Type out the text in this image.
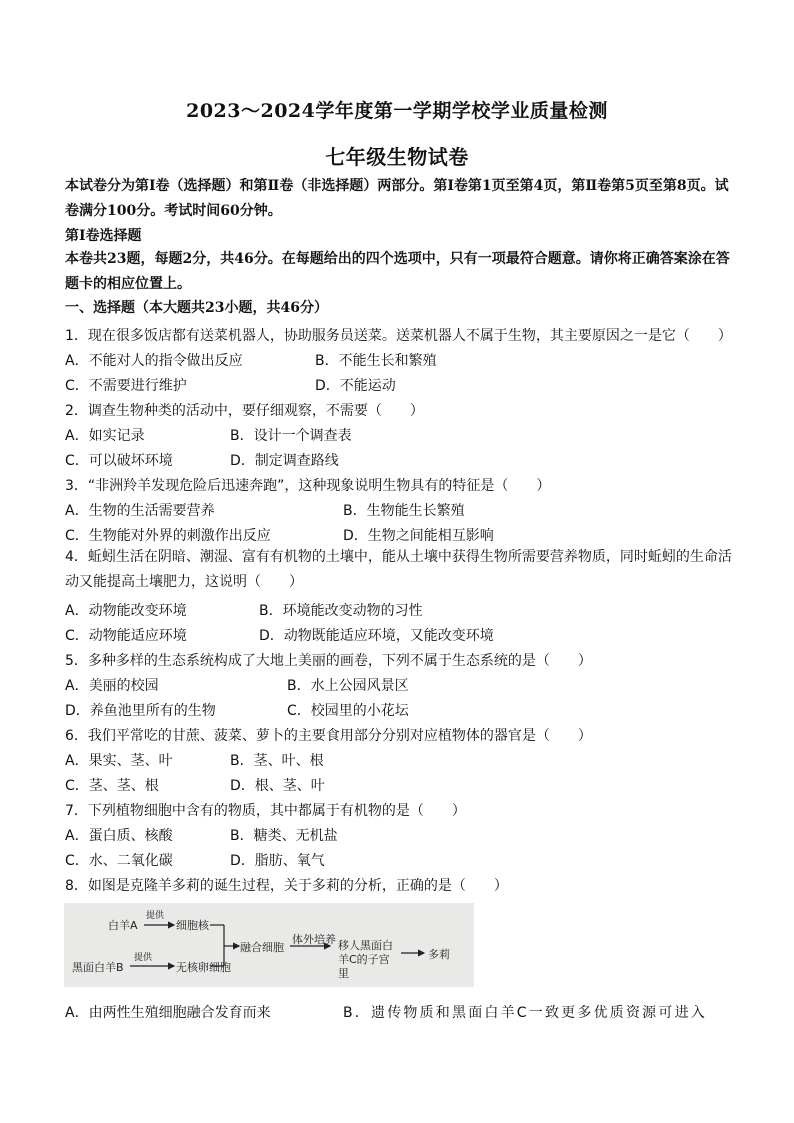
2023～2024学年度第一学期学校学业质量检测
七年级生物试卷
本试卷分为第Ⅰ卷（选择题）和第Ⅱ卷（非选择题）两部分。第Ⅰ卷第1页至第4页，第Ⅱ卷第5页至第8页。试卷满分100分。考试时间60分钟。
第Ⅰ卷选择题
本卷共23题，每题2分，共46分。在每题给出的四个选项中，只有一项最符合题意。请你将正确答案涂在答题卡的相应位置上。
一、选择题（本大题共23小题，共46分）
1．现在很多饭店都有送菜机器人，协助服务员送菜。送菜机器人不属于生物，其主要原因之一是它（　　）
A．不能对人的指令做出反应	B．不能生长和繁殖
C．不需要进行维护	D．不能运动
2．调查生物种类的活动中，要仔细观察，不需要（　　）
A．如实记录	B．设计一个调查表
C．可以破坏环境	D．制定调查路线
3．“非洲羚羊发现危险后迅速奔跑”，这种现象说明生物具有的特征是（　　）
A．生物的生活需要营养	B．生物能生长繁殖
C．生物能对外界的刺激作出反应	D．生物之间能相互影响
4．蚯蚓生活在阴暗、潮湿、富有有机物的土壤中，能从土壤中获得生物所需要营养物质，同时蚯蚓的生命活动又能提高土壤肥力，这说明（　　）
A．动物能改变环境	B．环境能改变动物的习性
C．动物能适应环境	D．动物既能适应环境，又能改变环境
5．多种多样的生态系统构成了大地上美丽的画卷，下列不属于生态系统的是（　　）
A．美丽的校园	B．水上公园风景区
D．养鱼池里所有的生物	C．校园里的小花坛
6．我们平常吃的甘蔗、菠菜、萝卜的主要食用部分分别对应植物体的器官是（　　）
A．果实、茎、叶	B．茎、叶、根
C．茎、茎、根	D．根、茎、叶
7．下列植物细胞中含有的物质，其中都属于有机物的是（　　）
A．蛋白质、核酸	B．糖类、无机盐
C．水、二氧化碳	D．脂肪、氧气
8．如图是克隆羊多莉的诞生过程，关于多莉的分析，正确的是（　　）
白羊A
提供
细胞核
黑面白羊B
提供
无核卵细胞
融合细胞
体外培养 移人黑面白羊C的子宫里
多莉
A．由两性生殖细胞融合发育而来	B．遗传物质和黑面白羊C一致更多优质资源可进入
